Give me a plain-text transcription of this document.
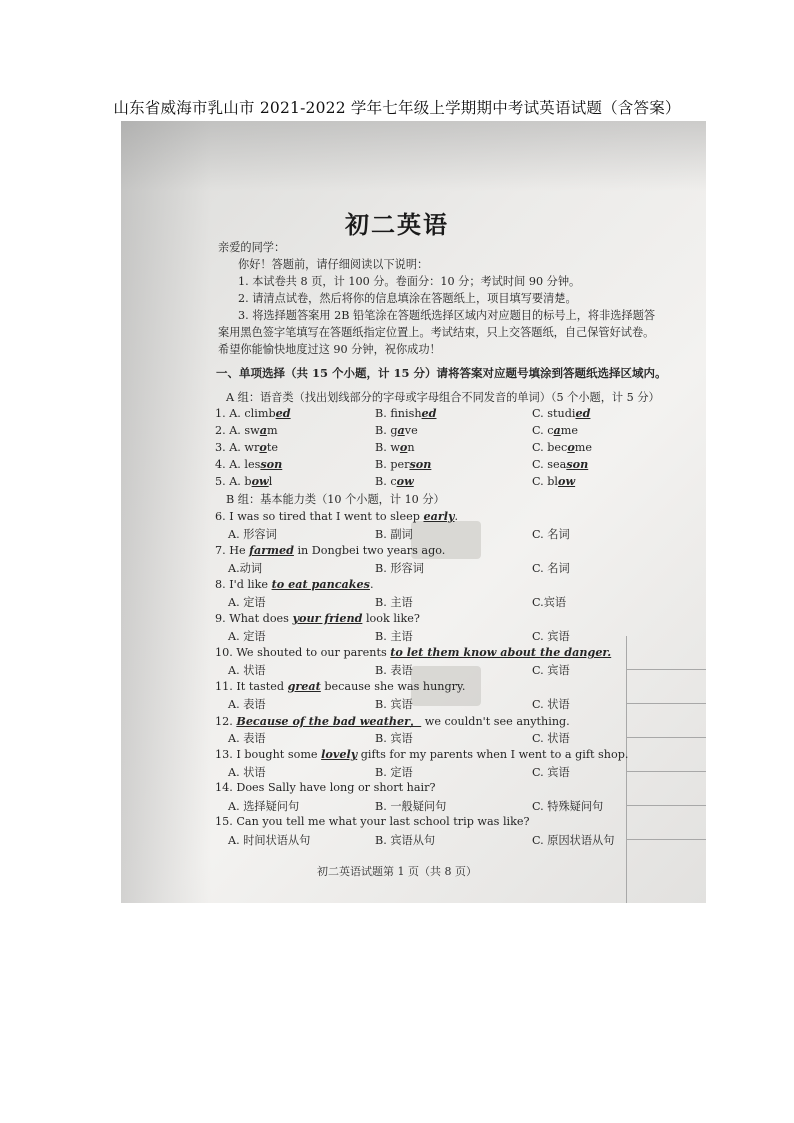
山东省威海市乳山市 2021-2022 学年七年级上学期期中考试英语试题（含答案）
初二英语
亲爱的同学：
你好！答题前，请仔细阅读以下说明：
1. 本试卷共 8 页，计 100 分。卷面分：10 分；考试时间 90 分钟。
2. 请清点试卷，然后将你的信息填涂在答题纸上，项目填写要清楚。
3. 将选择题答案用 2B 铅笔涂在答题纸选择区域内对应题目的标号上，将非选择题答
案用黑色签字笔填写在答题纸指定位置上。考试结束，只上交答题纸，自己保管好试卷。
希望你能愉快地度过这 90 分钟，祝你成功！
一、单项选择（共 15 个小题，计 15 分）请将答案对应题号填涂到答题纸选择区域内。
A 组：语音类（找出划线部分的字母或字母组合不同发音的单词）（5 个小题，计 5 分）
1. A. climbed	B. finished	C. studied
2. A. swam	B. gave	C. came
3. A. wrote	B. won	C. become
4. A. lesson	B. person	C. season
5. A. bowl	B. cow	C. blow
B 组：基本能力类（10 个小题，计 10 分）
6. I was so tired that I went to sleep early.
A. 形容词	B. 副词	C. 名词
7. He farmed in Dongbei two years ago.
A.动词	B. 形容词	C. 名词
8. I'd like to eat pancakes.
A. 定语	B. 主语	C.宾语
9. What does your friend look like?
A. 定语	B. 主语	C. 宾语
10. We shouted to our parents to let them know about the danger.
A. 状语	B. 表语	C. 宾语
11. It tasted great because she was hungry.
A. 表语	B. 宾语	C. 状语
12. Because of the bad weather， we couldn't see anything.
A. 表语	B. 宾语	C. 状语
13. I bought some lovely gifts for my parents when I went to a gift shop.
A. 状语	B. 定语	C. 宾语
14. Does Sally have long or short hair?
A. 选择疑问句	B. 一般疑问句	C. 特殊疑问句
15. Can you tell me what your last school trip was like?
A. 时间状语从句	B. 宾语从句	C. 原因状语从句
初二英语试题第 1 页（共 8 页）
